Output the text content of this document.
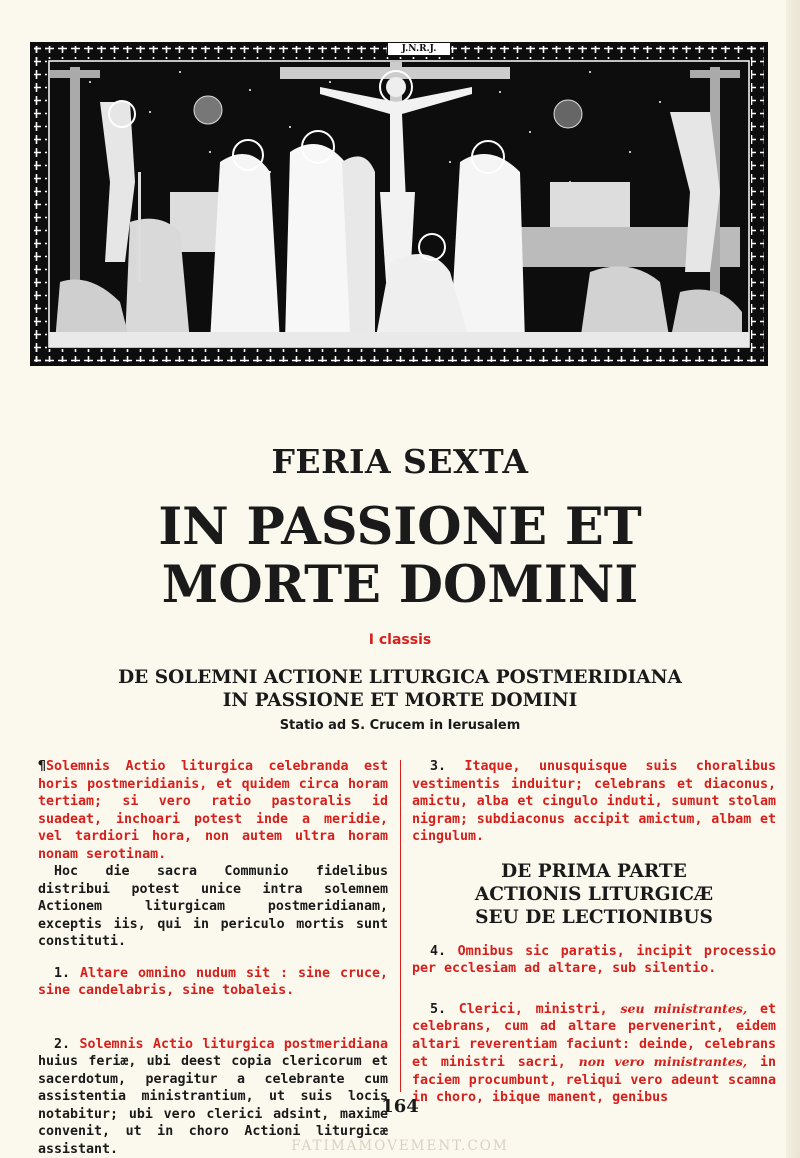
J.N.R.J.
FERIA SEXTA
IN PASSIONE ET
MORTE DOMINI
I classis
DE SOLEMNI ACTIONE LITURGICA POSTMERIDIANA
IN PASSIONE ET MORTE DOMINI
Statio ad S. Crucem in Ierusalem

¶Solemnis Actio liturgica celebranda est horis postmeridianis, et quidem circa horam tertiam; si vero ratio pastoralis id suadeat, inchoari potest inde a meridie, vel tardiori hora, non autem ultra horam nonam serotinam.

Hoc die sacra Communio fidelibus distribui potest unice intra solemnem Actionem liturgicam postmeridianam, exceptis iis, qui in periculo mortis sunt constituti.

1. Altare omnino nudum sit : sine cruce, sine candelabris, sine tobaleis.

2. Solemnis Actio liturgica postmeridiana huius feriæ, ubi deest copia clericorum et sacerdotum, peragitur a celebrante cum assistentia ministrantium, ut suis locis notabitur; ubi vero clerici adsint, maxime convenit, ut in choro Actioni liturgicæ assistant.

3. Itaque, unusquisque suis choralibus vestimentis induitur; celebrans et diaconus, amictu, alba et cingulo induti, sumunt stolam nigram; subdiaconus accipit amictum, albam et cingulum.

DE PRIMA PARTE
ACTIONIS LITURGICÆ
SEU DE LECTIONIBUS

4. Omnibus sic paratis, incipit processio per ecclesiam ad altare, sub silentio.

5. Clerici, ministri, seu ministrantes, et celebrans, cum ad altare pervenerint, eidem altari reverentiam faciunt: deinde, celebrans et ministri sacri, non vero ministrantes, in faciem procumbunt, reliqui vero adeunt scamna in choro, ibique manent, genibus

164
FATIMAMOVEMENT.COM
